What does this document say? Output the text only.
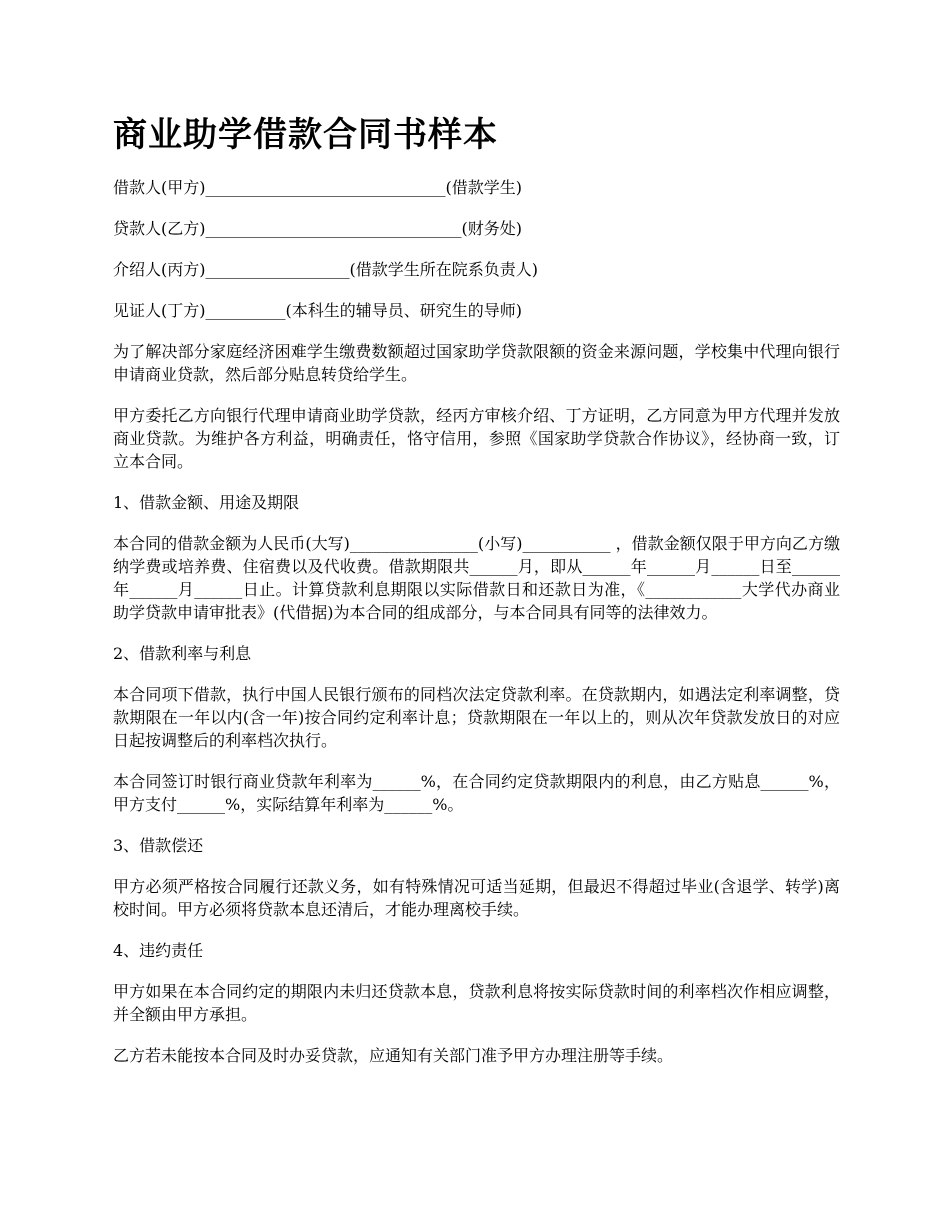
商业助学借款合同书样本
借款人(甲方)______________________________(借款学生)
贷款人(乙方)________________________________(财务处)
介绍人(丙方)__________________(借款学生所在院系负责人)
见证人(丁方)__________(本科生的辅导员、研究生的导师)

为了解决部分家庭经济困难学生缴费数额超过国家助学贷款限额的资金来源问题，学校集中代理向银行申请商业贷款，然后部分贴息转贷给学生。

甲方委托乙方向银行代理申请商业助学贷款，经丙方审核介绍、丁方证明，乙方同意为甲方代理并发放商业贷款。为维护各方利益，明确责任，恪守信用，参照《国家助学贷款合作协议》，经协商一致，订立本合同。

1、借款金额、用途及期限

本合同的借款金额为人民币(大写)________________(小写)___________ ，借款金额仅限于甲方向乙方缴纳学费或培养费、住宿费以及代收费。借款期限共______月，即从______年______月______日至______年______月______日止。计算贷款利息期限以实际借款日和还款日为准，《____________大学代办商业助学贷款申请审批表》(代借据)为本合同的组成部分，与本合同具有同等的法律效力。

2、借款利率与利息

本合同项下借款，执行中国人民银行颁布的同档次法定贷款利率。在贷款期内，如遇法定利率调整，贷款期限在一年以内(含一年)按合同约定利率计息；贷款期限在一年以上的，则从次年贷款发放日的对应日起按调整后的利率档次执行。

本合同签订时银行商业贷款年利率为______%，在合同约定贷款期限内的利息，由乙方贴息______%，甲方支付______%，实际结算年利率为______%。

3、借款偿还

甲方必须严格按合同履行还款义务，如有特殊情况可适当延期，但最迟不得超过毕业(含退学、转学)离校时间。甲方必须将贷款本息还清后，才能办理离校手续。

4、违约责任

甲方如果在本合同约定的期限内未归还贷款本息，贷款利息将按实际贷款时间的利率档次作相应调整，并全额由甲方承担。

乙方若未能按本合同及时办妥贷款，应通知有关部门准予甲方办理注册等手续。
